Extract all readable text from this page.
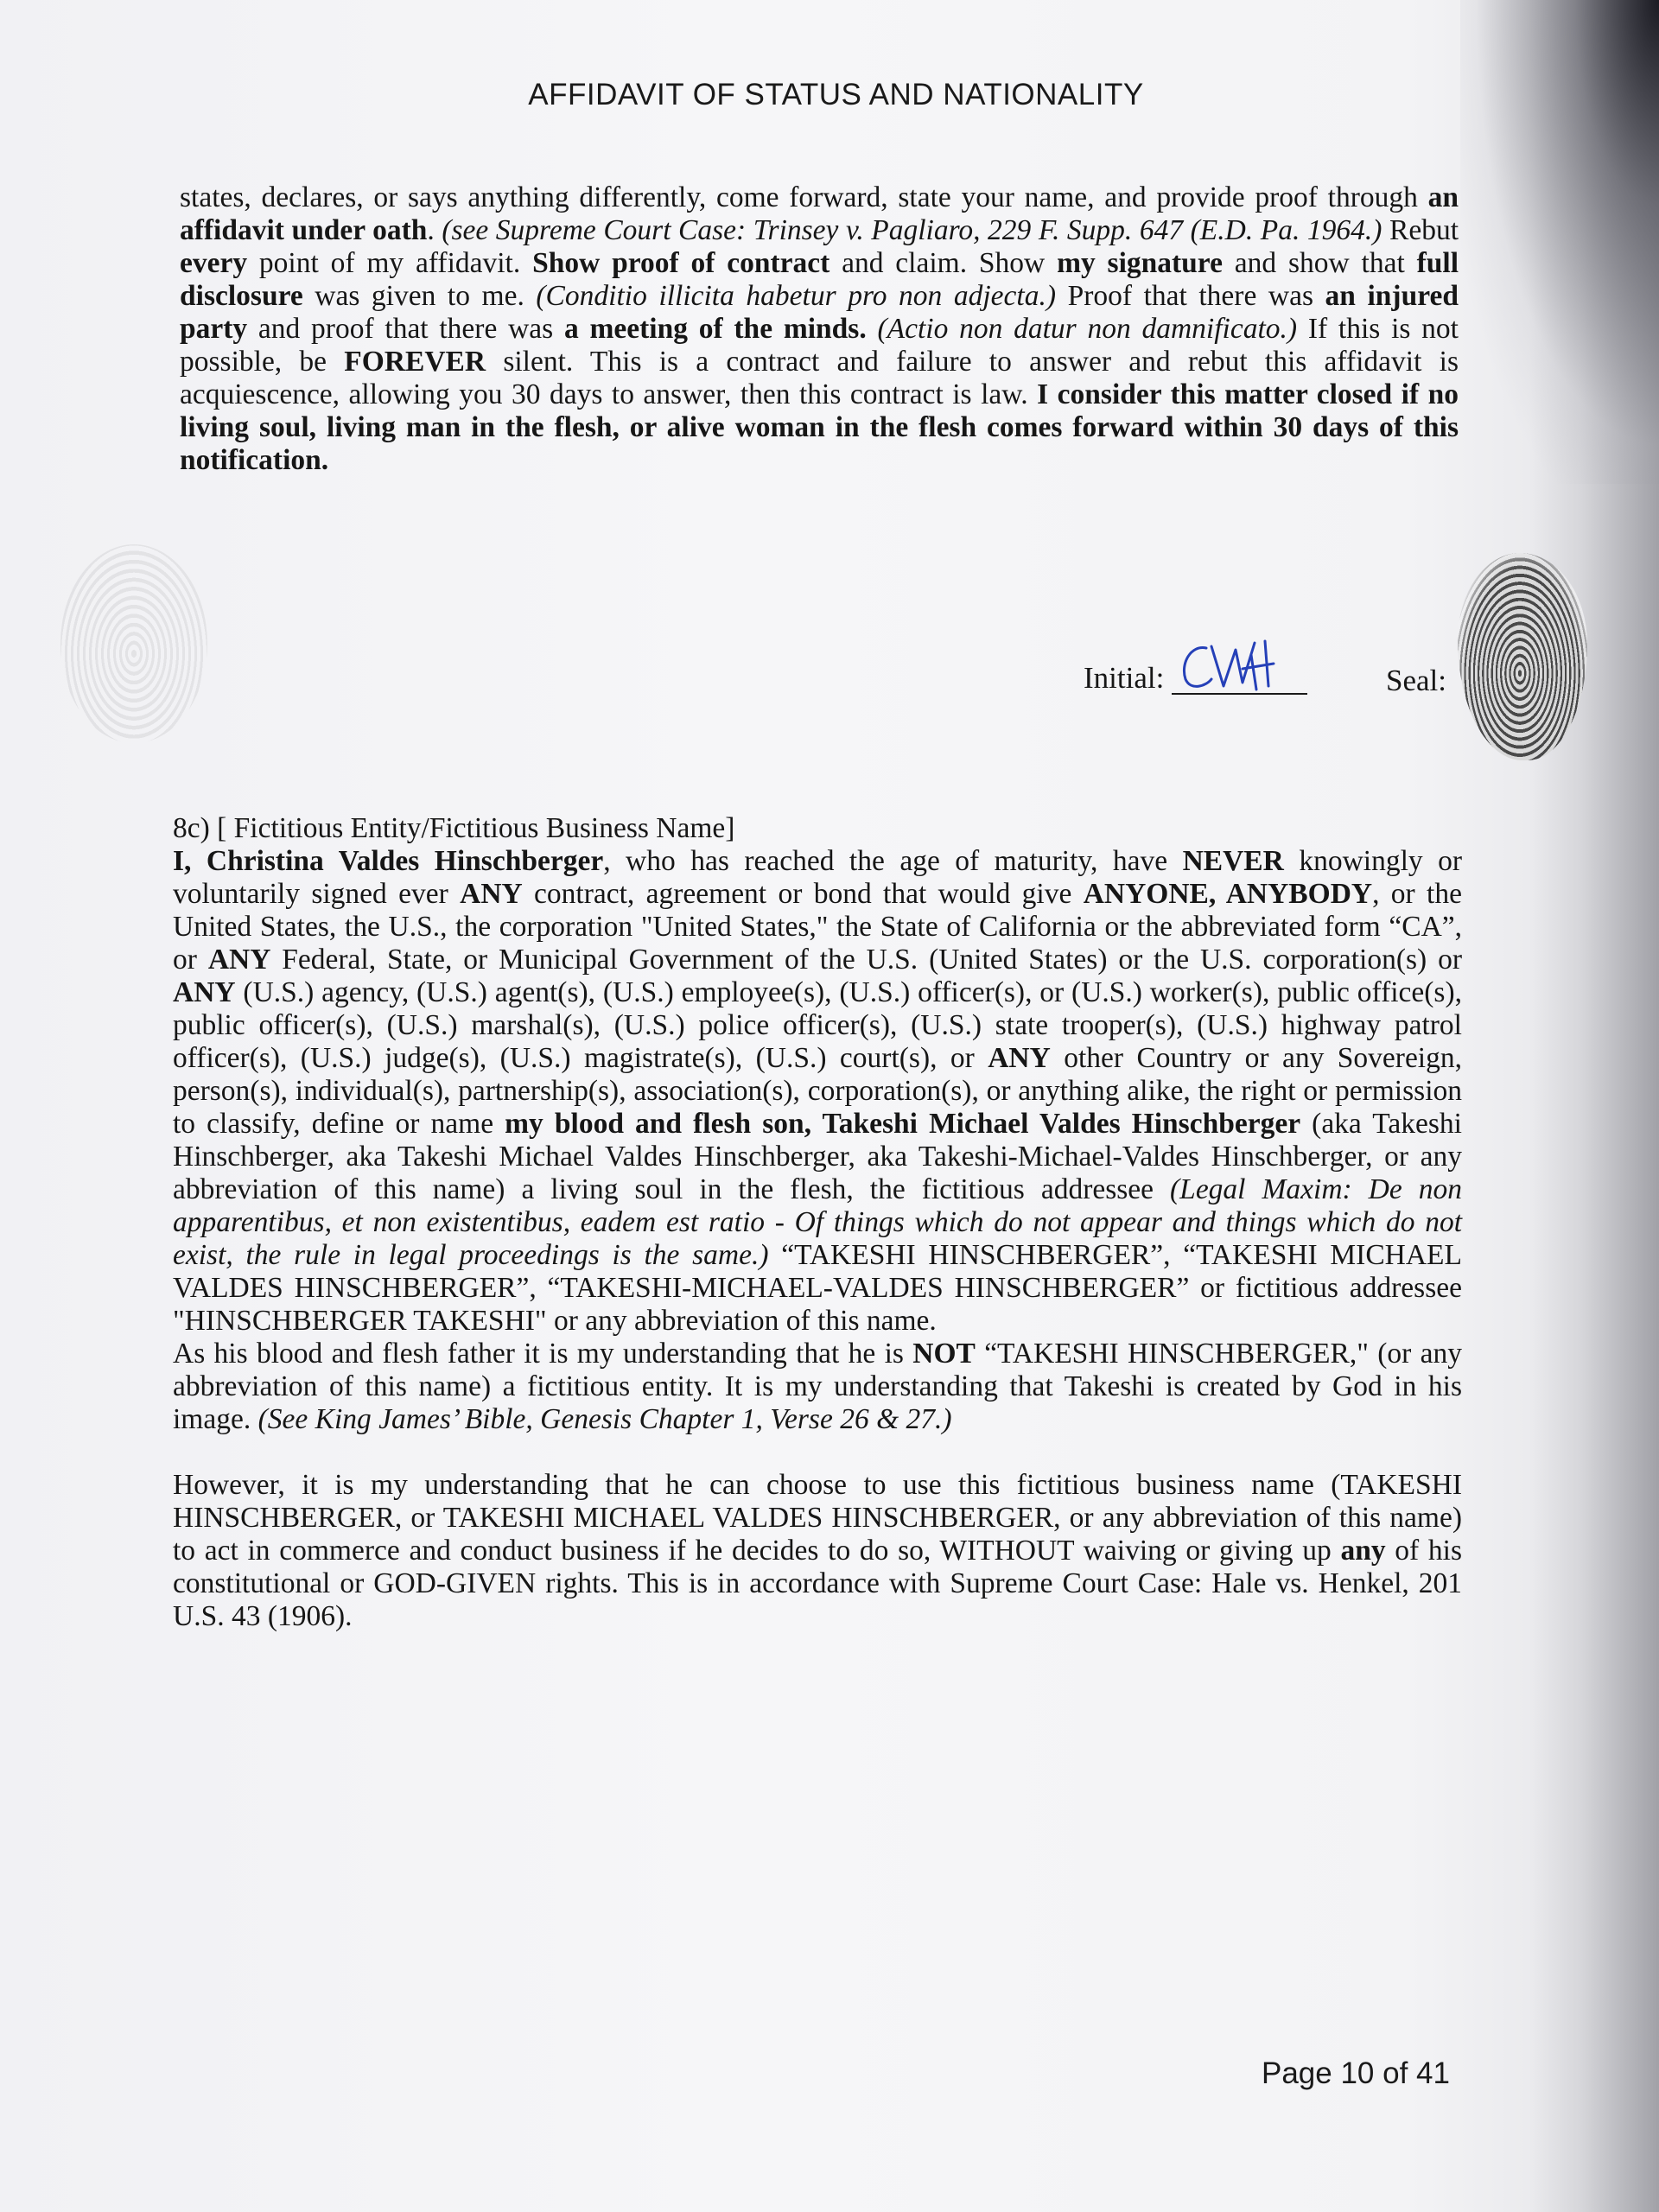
AFFIDAVIT OF STATUS AND NATIONALITY

states, declares, or says anything differently, come forward, state your name, and provide proof through an affidavit under oath. (see Supreme Court Case: Trinsey v. Pagliaro, 229 F. Supp. 647 (E.D. Pa. 1964.) Rebut every point of my affidavit. Show proof of contract and claim. Show my signature and show that full disclosure was given to me. (Conditio illicita habetur pro non adjecta.) Proof that there was an injured party and proof that there was a meeting of the minds. (Actio non datur non damnificato.) If this is not possible, be FOREVER silent. This is a contract and failure to answer and rebut this affidavit is acquiescence, allowing you 30 days to answer, then this contract is law. I consider this matter closed if no living soul, living man in the flesh, or alive woman in the flesh comes forward within 30 days of this notification.

Initial:	Seal:

8c) [ Fictitious Entity/Fictitious Business Name]

I, Christina Valdes Hinschberger, who has reached the age of maturity, have NEVER knowingly or voluntarily signed ever ANY contract, agreement or bond that would give ANYONE, ANYBODY, or the United States, the U.S., the corporation "United States," the State of California or the abbreviated form “CA”, or ANY Federal, State, or Municipal Government of the U.S. (United States) or the U.S. corporation(s) or ANY (U.S.) agency, (U.S.) agent(s), (U.S.) employee(s), (U.S.) officer(s), or (U.S.) worker(s), public office(s), public officer(s), (U.S.) marshal(s), (U.S.) police officer(s), (U.S.) state trooper(s), (U.S.) highway patrol officer(s), (U.S.) judge(s), (U.S.) magistrate(s), (U.S.) court(s), or ANY other Country or any Sovereign, person(s), individual(s), partnership(s), association(s), corporation(s), or anything alike, the right or permission to classify, define or name my blood and flesh son, Takeshi Michael Valdes Hinschberger (aka Takeshi Hinschberger, aka Takeshi Michael Valdes Hinschberger, aka Takeshi-Michael-Valdes Hinschberger, or any abbreviation of this name) a living soul in the flesh, the fictitious addressee (Legal Maxim: De non apparentibus, et non existentibus, eadem est ratio - Of things which do not appear and things which do not exist, the rule in legal proceedings is the same.) “TAKESHI HINSCHBERGER”, “TAKESHI MICHAEL VALDES HINSCHBERGER”, “TAKESHI-MICHAEL-VALDES HINSCHBERGER” or fictitious addressee "HINSCHBERGER TAKESHI" or any abbreviation of this name.

As his blood and flesh father it is my understanding that he is NOT “TAKESHI HINSCHBERGER," (or any abbreviation of this name) a fictitious entity. It is my understanding that Takeshi is created by God in his image. (See King James’ Bible, Genesis Chapter 1, Verse 26 & 27.)

However, it is my understanding that he can choose to use this fictitious business name (TAKESHI HINSCHBERGER, or TAKESHI MICHAEL VALDES HINSCHBERGER, or any abbreviation of this name) to act in commerce and conduct business if he decides to do so, WITHOUT waiving or giving up any of his constitutional or GOD-GIVEN rights. This is in accordance with Supreme Court Case: Hale vs. Henkel, 201 U.S. 43 (1906).

Page 10 of 41
